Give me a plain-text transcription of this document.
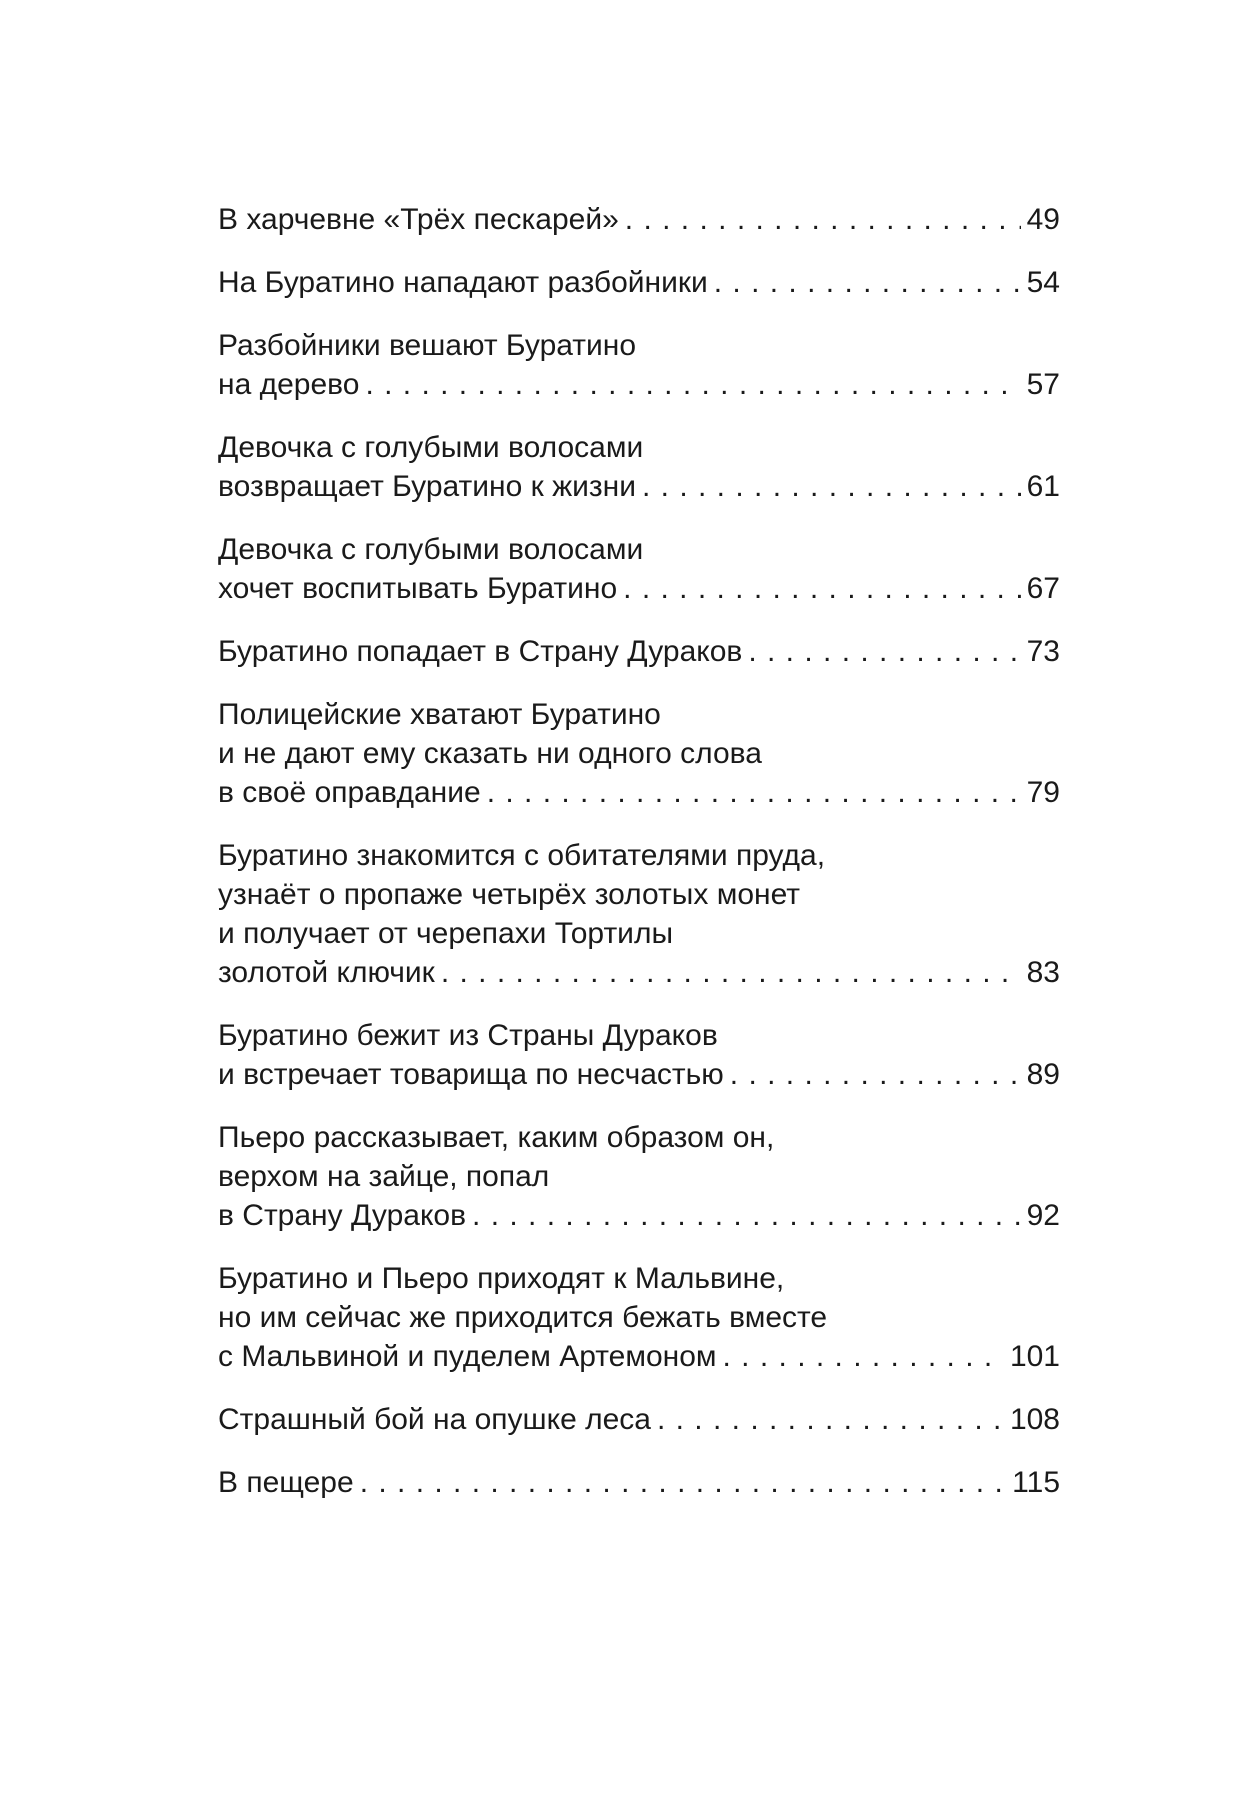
В харчевне «Трёх пескарей» . . .	49
На Буратино нападают разбойники . . .	54
Разбойники вешают Буратино
на дерево . . .	57
Девочка с голубыми волосами
возвращает Буратино к жизни . . .	61
Девочка с голубыми волосами
хочет воспитывать Буратино . . .	67
Буратино попадает в Страну Дураков . . .	73
Полицейские хватают Буратино
и не дают ему сказать ни одного слова
в своё оправдание . . .	79
Буратино знакомится с обитателями пруда,
узнаёт о пропаже четырёх золотых монет
и получает от черепахи Тортилы
золотой ключик . . .	83
Буратино бежит из Страны Дураков
и встречает товарища по несчастью . . .	89
Пьеро рассказывает, каким образом он,
верхом на зайце, попал
в Страну Дураков . . .	92
Буратино и Пьеро приходят к Мальвине,
но им сейчас же приходится бежать вместе
с Мальвиной и пуделем Артемоном . . .	101
Страшный бой на опушке леса . . .	108
В пещере . . .	115
